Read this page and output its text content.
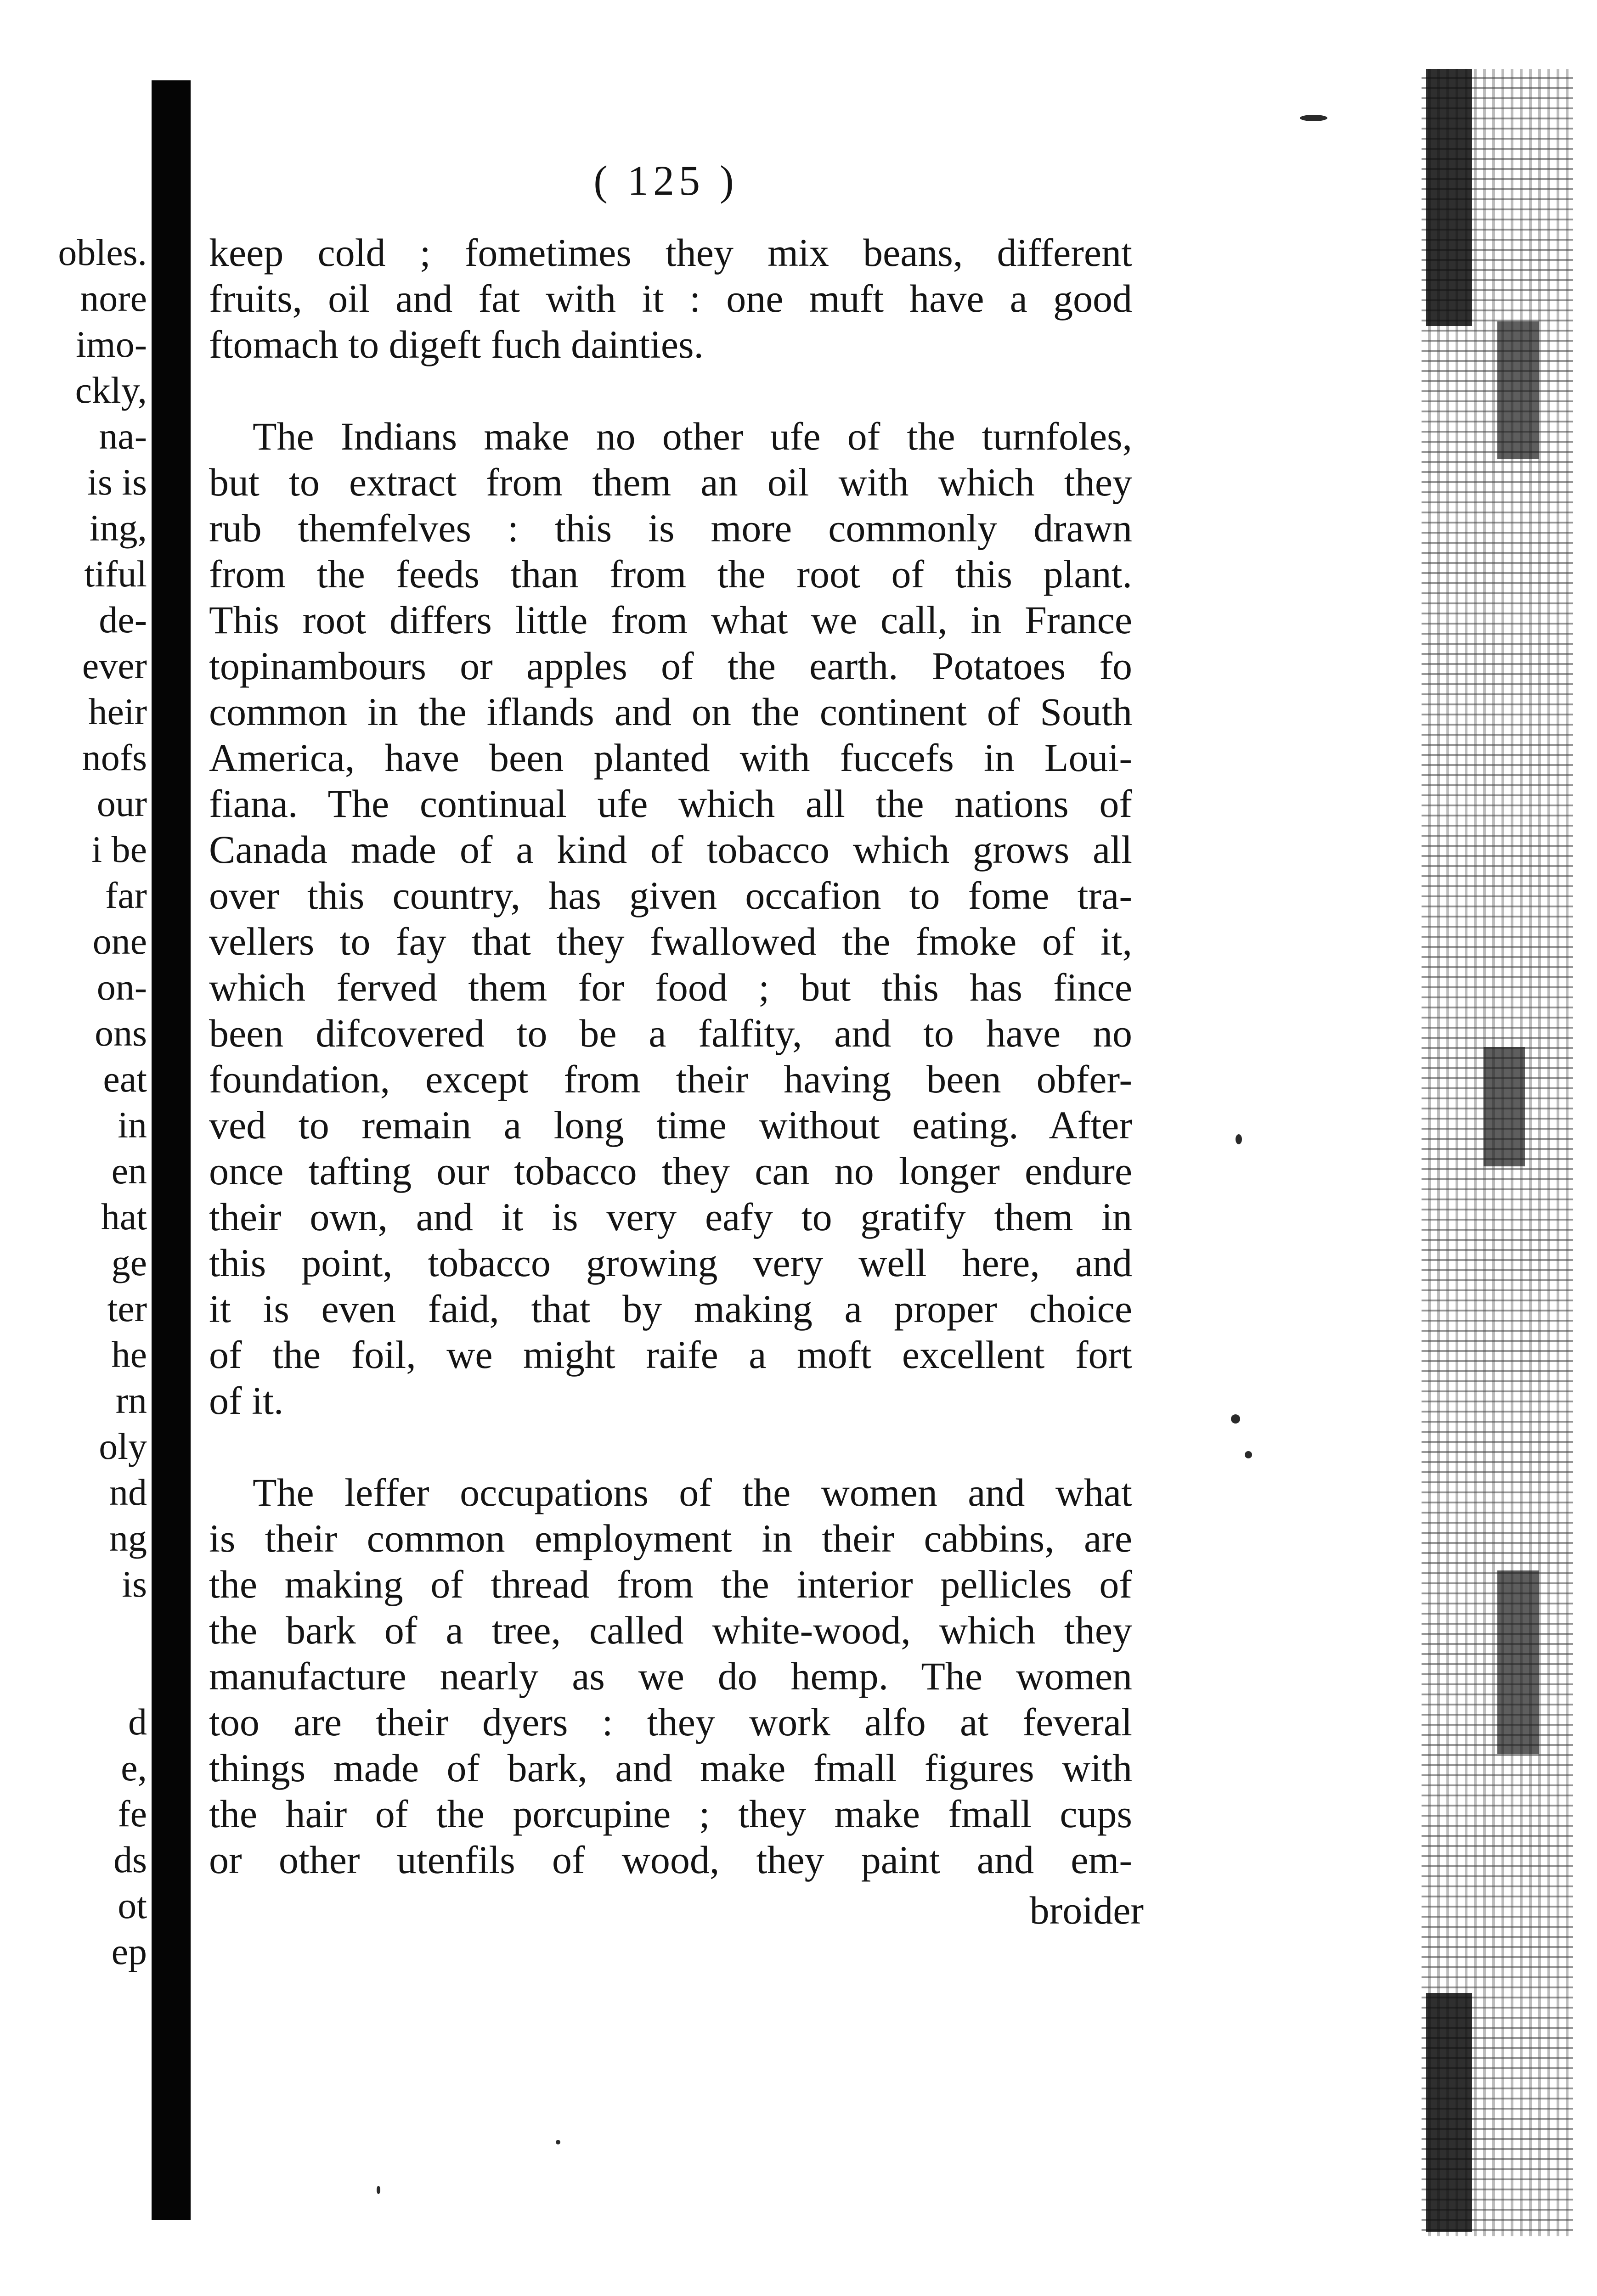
obles.
nore
imo-
ckly,
na-
is is
ing,
tiful
de-
ever
heir
nofs
our
i be
far
one
on-
ons
eat
in
en
hat
ge
ter
he
rn
oly
nd
ng
is
d
e,
fe
ds
ot
ep
( 125 )
keep cold ; fometimes they mix beans, different
fruits, oil and fat with it : one muft have a good
ftomach to digeft fuch dainties.
The Indians make no other ufe of the turnfoles,
but to extract from them an oil with which they
rub themfelves : this is more commonly drawn
from the feeds than from the root of this plant.
This root differs little from what we call, in France
topinambours or apples of the earth. Potatoes fo
common in the iflands and on the continent of South
America, have been planted with fuccefs in Loui-
fiana. The continual ufe which all the nations of
Canada made of a kind of tobacco which grows all
over this country, has given occafion to fome tra-
vellers to fay that they fwallowed the fmoke of it,
which ferved them for food ; but this has fince
been difcovered to be a falfity, and to have no
foundation, except from their having been obfer-
ved to remain a long time without eating. After
once tafting our tobacco they can no longer endure
their own, and it is very eafy to gratify them in
this point, tobacco growing very well here, and
it is even faid, that by making a proper choice
of the foil, we might raife a moft excellent fort
of it.
The leffer occupations of the women and what
is their common employment in their cabbins, are
the making of thread from the interior pellicles of
the bark of a tree, called white-wood, which they
manufacture nearly as we do hemp. The women
too are their dyers : they work alfo at feveral
things made of bark, and make fmall figures with
the hair of the porcupine ; they make fmall cups
or other utenfils of wood, they paint and em-
broider
